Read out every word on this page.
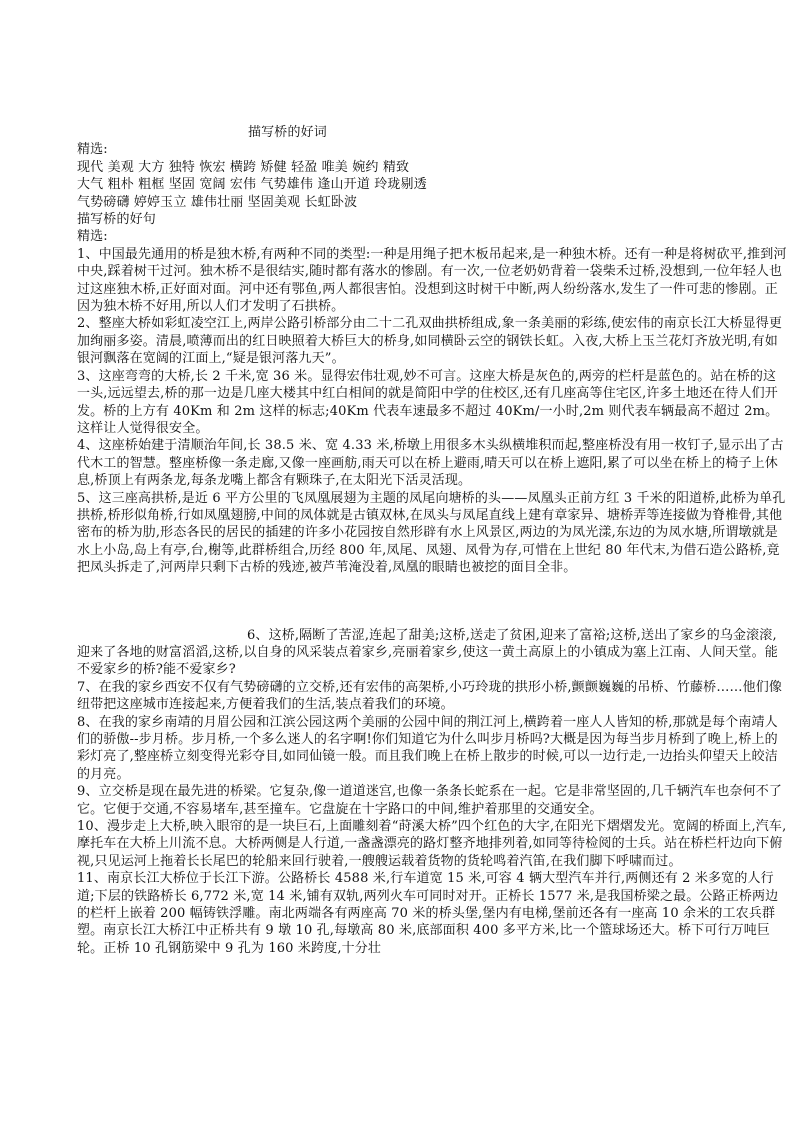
描写桥的好词

精选:

现代 美观 大方 独特 恢宏 横跨 矫健 轻盈 唯美 婉约 精致

大气 粗朴 粗框 坚固 宽阔 宏伟 气势雄伟 逢山开道 玲珑剔透

气势磅礴 婷婷玉立 雄伟壮丽 坚固美观 长虹卧波

描写桥的好句

精选:

1、中国最先通用的桥是独木桥,有两种不同的类型:一种是用绳子把木板吊起来,是一种独木桥。还有一种是将树砍平,推到河中央,踩着树干过河。独木桥不是很结实,随时都有落水的惨剧。有一次,一位老奶奶背着一袋柴禾过桥,没想到,一位年轻人也过这座独木桥,正好面对面。河中还有鄂鱼,两人都很害怕。没想到这时树干中断,两人纷纷落水,发生了一件可悲的惨剧。正因为独木桥不好用,所以人们才发明了石拱桥。

2、整座大桥如彩虹凌空江上,两岸公路引桥部分由二十二孔双曲拱桥组成,象一条美丽的彩练,使宏伟的南京长江大桥显得更加绚丽多姿。清晨,喷薄而出的红日映照着大桥巨大的桥身,如同横卧云空的钢铁长虹。入夜,大桥上玉兰花灯齐放光明,有如银河飘落在宽阔的江面上,“疑是银河落九天”。

3、这座弯弯的大桥,长 2 千米,宽 36 米。显得宏伟壮观,妙不可言。这座大桥是灰色的,两旁的栏杆是蓝色的。站在桥的这一头,远远望去,桥的那一边是几座大楼其中红白相间的就是简阳中学的住校区,还有几座高等住宅区,许多土地还在待人们开发。桥的上方有 40Km 和 2m 这样的标志;40Km 代表车速最多不超过 40Km/一小时,2m 则代表车辆最高不超过 2m。这样让人觉得很安全。

4、这座桥始建于清顺治年间,长 38.5 米、宽 4.33 米,桥墩上用很多木头纵横堆积而起,整座桥没有用一枚钉子,显示出了古代木工的智慧。整座桥像一条走廊,又像一座画舫,雨天可以在桥上避雨,晴天可以在桥上遮阳,累了可以坐在桥上的椅子上休息,桥顶上有两条龙,每条龙嘴上都含有颗珠子,在太阳光下活灵活现。

5、这三座高拱桥,是近 6 平方公里的飞凤凰展翅为主题的凤尾向塘桥的头——凤凰头正前方红 3 千米的阳道桥,此桥为单孔拱桥,桥形似角桥,行如凤凰翅膀,中间的凤体就是古镇双林,在凤头与凤尾直线上建有章家异、塘桥弄等连接做为脊椎骨,其他密布的桥为肋,形态各民的居民的插建的许多小花园按自然形辟有水上风景区,两边的为凤光漾,东边的为凤水塘,所谓墩就是水上小岛,岛上有亭,台,榭等,此群桥组合,历经 800 年,凤尾、凤翅、凤骨为存,可惜在上世纪 80 年代末,为借石造公路桥,竟把凤头拆走了,河两岸只剩下古桥的残迹,被芦苇淹没着,凤凰的眼睛也被挖的面目全非。

6、这桥,隔断了苦涩,连起了甜美;这桥,送走了贫困,迎来了富裕;这桥,送出了家乡的乌金滚滚,迎来了各地的财富滔滔,这桥,以自身的风采装点着家乡,亮丽着家乡,使这一黄土高原上的小镇成为塞上江南、人间天堂。能不爱家乡的桥?能不爱家乡?

7、在我的家乡西安不仅有气势磅礴的立交桥,还有宏伟的高架桥,小巧玲珑的拱形小桥,颤颤巍巍的吊桥、竹藤桥……他们像纽带把这座城市连接起来,方便着我们的生活,装点着我们的环境。

8、在我的家乡南靖的月眉公园和江滨公园这两个美丽的公园中间的荆江河上,横跨着一座人人皆知的桥,那就是每个南靖人们的骄傲--步月桥。步月桥,一个多么迷人的名字啊!你们知道它为什么叫步月桥吗?大概是因为每当步月桥到了晚上,桥上的彩灯亮了,整座桥立刻变得光彩夺目,如同仙镜一般。而且我们晚上在桥上散步的时候,可以一边行走,一边抬头仰望天上皎洁的月亮。

9、立交桥是现在最先进的桥梁。它复杂,像一道道迷宫,也像一条条长蛇系在一起。它是非常坚固的,几千辆汽车也奈何不了它。它便于交通,不容易堵车,甚至撞车。它盘旋在十字路口的中间,维护着那里的交通安全。

10、漫步走上大桥,映入眼帘的是一块巨石,上面雕刻着“莳溪大桥”四个红色的大字,在阳光下熠熠发光。宽阔的桥面上,汽车,摩托车在大桥上川流不息。大桥两侧是人行道,一盏盏漂亮的路灯整齐地排列着,如同等待检阅的士兵。站在桥栏杆边向下俯视,只见运河上拖着长长尾巴的轮船来回行驶着,一艘艘运载着货物的货轮鸣着汽笛,在我们脚下呼啸而过。

11、南京长江大桥位于长江下游。公路桥长 4588 米,行车道宽 15 米,可容 4 辆大型汽车并行,两侧还有 2 米多宽的人行道;下层的铁路桥长 6,772 米,宽 14 米,铺有双轨,两列火车可同时对开。正桥长 1577 米,是我国桥梁之最。公路正桥两边的栏杆上嵌着 200 幅铸铁浮雕。南北两端各有两座高 70 米的桥头堡,堡内有电梯,堡前还各有一座高 10 余米的工农兵群塑。南京长江大桥江中正桥共有 9 墩 10 孔,每墩高 80 米,底部面积 400 多平方米,比一个篮球场还大。桥下可行万吨巨轮。正桥 10 孔钢筋梁中 9 孔为 160 米跨度,十分壮
